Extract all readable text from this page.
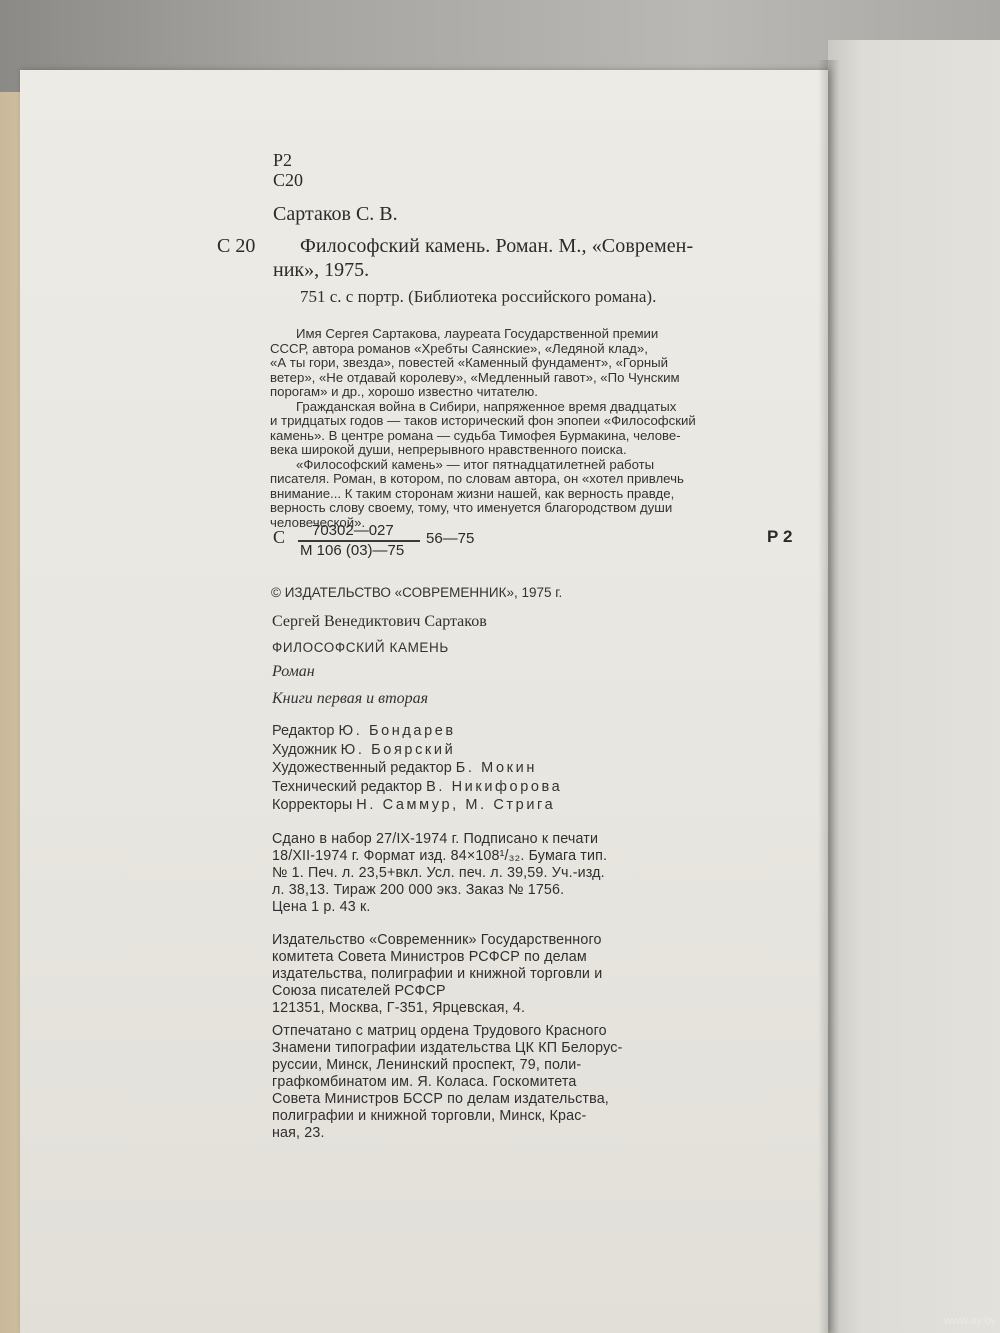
Р2
С20
Сартаков С. В.
С 20 Философский камень. Роман. М., «Современ-
ник», 1975.
751 с. с портр. (Библиотека российского романа).

Имя Сергея Сартакова, лауреата Государственной премии

СССР, автора романов «Хребты Саянские», «Ледяной клад»,

«А ты гори, звезда», повестей «Каменный фундамент», «Горный

ветер», «Не отдавай королеву», «Медленный гавот», «По Чунским

порогам» и др., хорошо известно читателю.

Гражданская война в Сибири, напряженное время двадцатых

и тридцатых годов — таков исторический фон эпопеи «Философский

камень». В центре романа — судьба Тимофея Бурмакина, челове-

века широкой души, непрерывного нравственного поиска.

«Философский камень» — итог пятнадцатилетней работы

писателя. Роман, в котором, по словам автора, он «хотел привлечь

внимание... К таким сторонам жизни нашей, как верность правде,

верность слову своему, тому, что именуется благородством души

человеческой».

С 70302—027
М 106 (03)—75
56—75	Р 2
© ИЗДАТЕЛЬСТВО «СОВРЕМЕННИК», 1975 г.
Сергей Венедиктович Сартаков
ФИЛОСОФСКИЙ КАМЕНЬ
Роман
Книги первая и вторая

Редактор Ю. Бондарев

Художник Ю. Боярский

Художественный редактор Б. Мокин

Технический редактор В. Никифорова

Корректоры Н. Саммур, М. Стрига

Сдано в набор 27/IX-1974 г. Подписано к печати

18/XII-1974 г. Формат изд. 84×108¹/₃₂. Бумага тип.

№ 1. Печ. л. 23,5+вкл. Усл. печ. л. 39,59. Уч.-изд.

л. 38,13. Тираж 200 000 экз. Заказ № 1756.

Цена 1 р. 43 к.

Издательство «Современник» Государственного

комитета Совета Министров РСФСР по делам

издательства, полиграфии и книжной торговли и

Союза писателей РСФСР

121351, Москва, Г-351, Ярцевская, 4.

Отпечатано с матриц ордена Трудового Красного

Знамени типографии издательства ЦК КП Белорус-

руссии, Минск, Ленинский проспект, 79, поли-

графкомбинатом им. Я. Коласа. Госкомитета

Совета Министров БССР по делам издательства,

полиграфии и книжной торговли, Минск, Крас-

ная, 23.

www.ay.by
